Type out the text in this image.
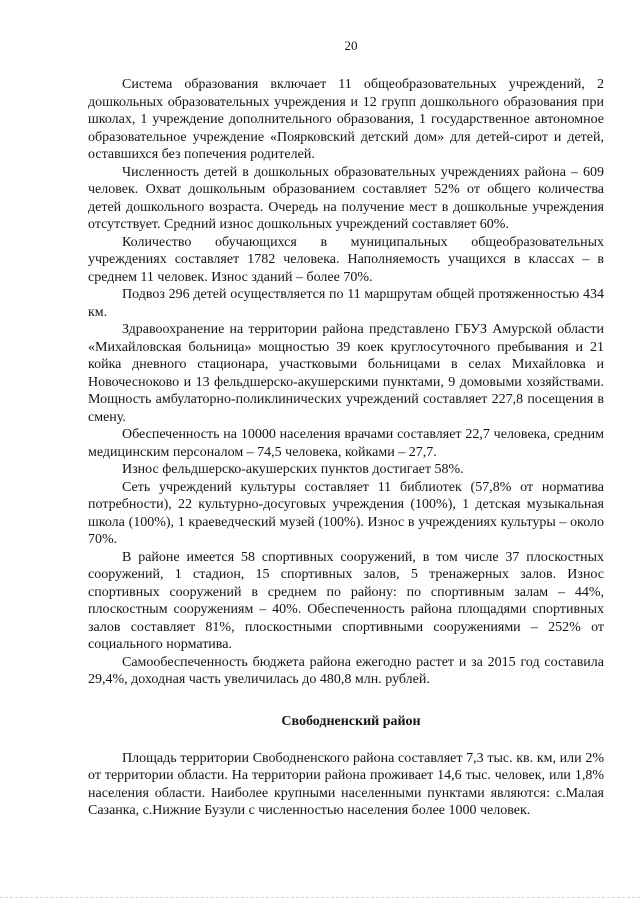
20

Система образования включает 11 общеобразовательных учреждений, 2 дошкольных образовательных учреждения и 12 групп дошкольного образования при школах, 1 учреждение дополнительного образования, 1 государственное автономное образовательное учреждение «Поярковский детский дом» для детей-сирот и детей, оставшихся без попечения родителей.

Численность детей в дошкольных образовательных учреждениях района – 609 человек. Охват дошкольным образованием составляет 52% от общего количества детей дошкольного возраста. Очередь на получение мест в дошкольные учреждения отсутствует. Средний износ дошкольных учреждений составляет 60%.

Количество обучающихся в муниципальных общеобразовательных учреждениях составляет 1782 человека. Наполняемость учащихся в классах – в среднем 11 человек. Износ зданий – более 70%.

Подвоз 296 детей осуществляется по 11 маршрутам общей протяженностью 434 км.

Здравоохранение на территории района представлено ГБУЗ Амурской области «Михайловская больница» мощностью 39 коек круглосуточного пребывания и 21 койка дневного стационара, участковыми больницами в селах Михайловка и Новочесноково и 13 фельдшерско-акушерскими пунктами, 9 домовыми хозяйствами. Мощность амбулаторно-поликлинических учреждений составляет 227,8 посещения в смену.

Обеспеченность на 10000 населения врачами составляет 22,7 человека, средним медицинским персоналом – 74,5 человека, койками – 27,7.

Износ фельдшерско-акушерских пунктов достигает 58%.

Сеть учреждений культуры составляет 11 библиотек (57,8% от норматива потребности), 22 культурно-досуговых учреждения (100%), 1 детская музыкальная школа (100%), 1 краеведческий музей (100%). Износ в учреждениях культуры – около 70%.

В районе имеется 58 спортивных сооружений, в том числе 37 плоскостных сооружений, 1 стадион, 15 спортивных залов, 5 тренажерных залов. Износ спортивных сооружений в среднем по району: по спортивным залам – 44%, плоскостным сооружениям – 40%. Обеспеченность района площадями спортивных залов составляет 81%, плоскостными спортивными сооружениями – 252% от социального норматива.

Самообеспеченность бюджета района ежегодно растет и за 2015 год составила 29,4%, доходная часть увеличилась до 480,8 млн. рублей.

Свободненский район

Площадь территории Свободненского района составляет 7,3 тыс. кв. км, или 2% от территории области. На территории района проживает 14,6 тыс. человек, или 1,8% населения области. Наиболее крупными населенными пунктами являются: с.Малая Сазанка, с.Нижние Бузули с численностью населения более 1000 человек.
